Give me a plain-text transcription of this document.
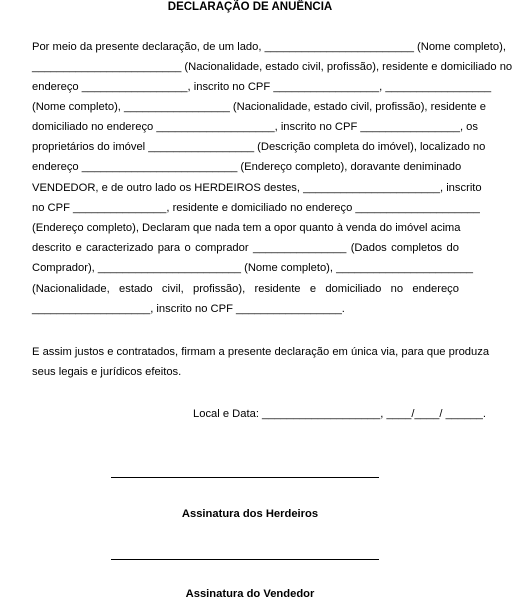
DECLARAÇÃO DE ANUÊNCIA
Por meio da presente declaração, de um lado, ________________________ (Nome completo),
________________________ (Nacionalidade, estado civil, profissão), residente e domiciliado no
endereço _________________, inscrito no CPF _________________, _________________
(Nome completo), _________________ (Nacionalidade, estado civil, profissão), residente e
domiciliado no endereço ___________________, inscrito no CPF ________________, os
proprietários do imóvel _________________ (Descrição completa do imóvel), localizado no
endereço _________________________ (Endereço completo), doravante deniminado
VENDEDOR, e de outro lado os HERDEIROS destes, ______________________, inscrito
no CPF _______________, residente e domiciliado no endereço ____________________
(Endereço completo), Declaram que nada tem a opor quanto à venda do imóvel acima
descrito e caracterizado para o comprador _______________ (Dados completos do
Comprador), _______________________ (Nome completo), ______________________
(Nacionalidade, estado civil, profissão), residente e domiciliado no endereço
___________________, inscrito no CPF _________________.
E assim justos e contratados, firmam a presente declaração em única via, para que produza
seus legais e jurídicos efeitos.
Local e Data: ___________________, ____/____/ ______.
Assinatura dos Herdeiros
Assinatura do Vendedor
